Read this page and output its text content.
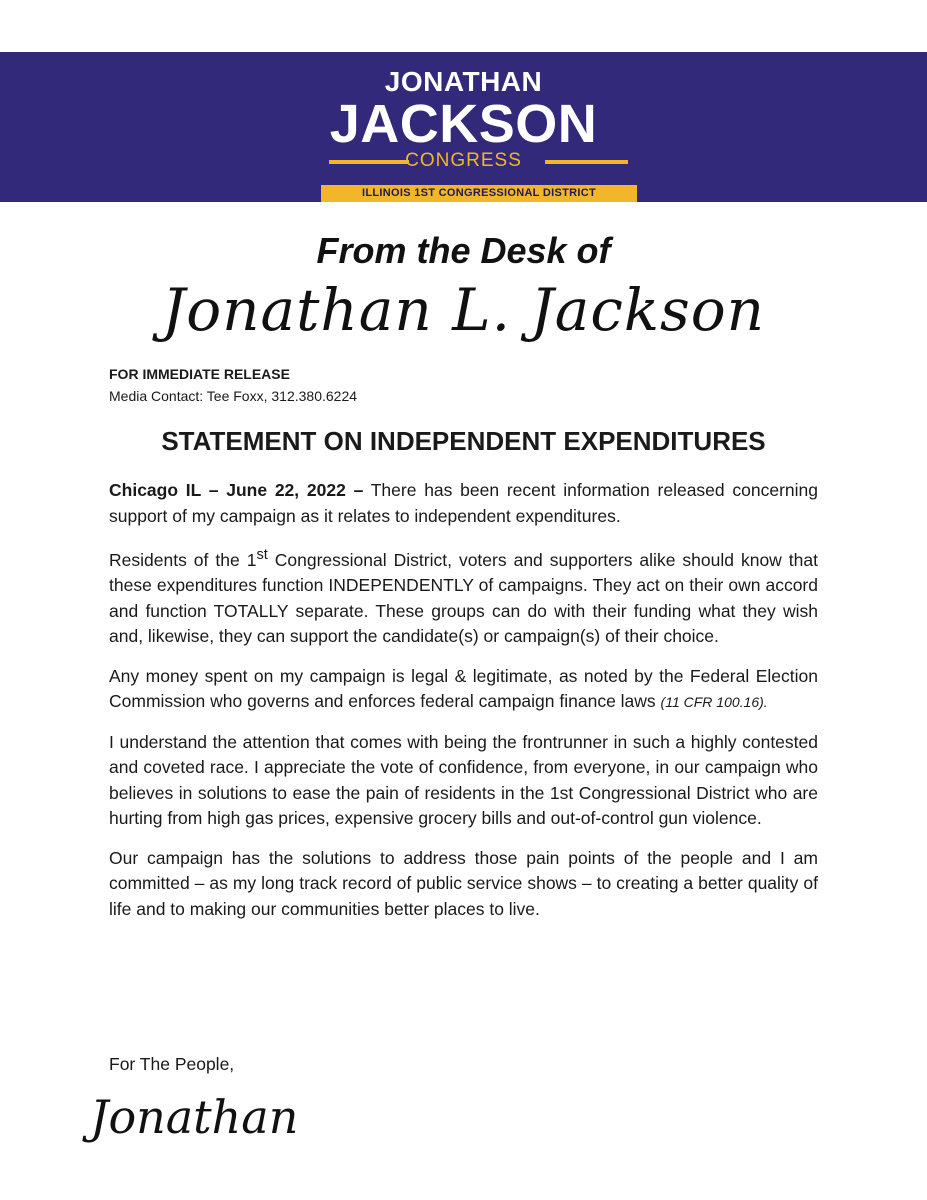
JONATHAN
JACKSON
CONGRESS
ILLINOIS 1ST CONGRESSIONAL DISTRICT
From the Desk of
Jonathan L. Jackson
FOR IMMEDIATE RELEASE
Media Contact: Tee Foxx, 312.380.6224
STATEMENT ON INDEPENDENT EXPENDITURES

Chicago IL – June 22, 2022 – There has been recent information released concerning support of my campaign as it relates to independent expenditures.

Residents of the 1st Congressional District, voters and supporters alike should know that these expenditures function INDEPENDENTLY of campaigns. They act on their own accord and function TOTALLY separate. These groups can do with their funding what they wish and, likewise, they can support the candidate(s) or campaign(s) of their choice.

Any money spent on my campaign is legal & legitimate, as noted by the Federal Election Commission who governs and enforces federal campaign finance laws (11 CFR 100.16).

I understand the attention that comes with being the frontrunner in such a highly contested and coveted race. I appreciate the vote of confidence, from everyone, in our campaign who believes in solutions to ease the pain of residents in the 1st Congressional District who are hurting from high gas prices, expensive grocery bills and out-of-control gun violence.

Our campaign has the solutions to address those pain points of the people and I am committed – as my long track record of public service shows – to creating a better quality of life and to making our communities better places to live.

For The People,
Jonathan
